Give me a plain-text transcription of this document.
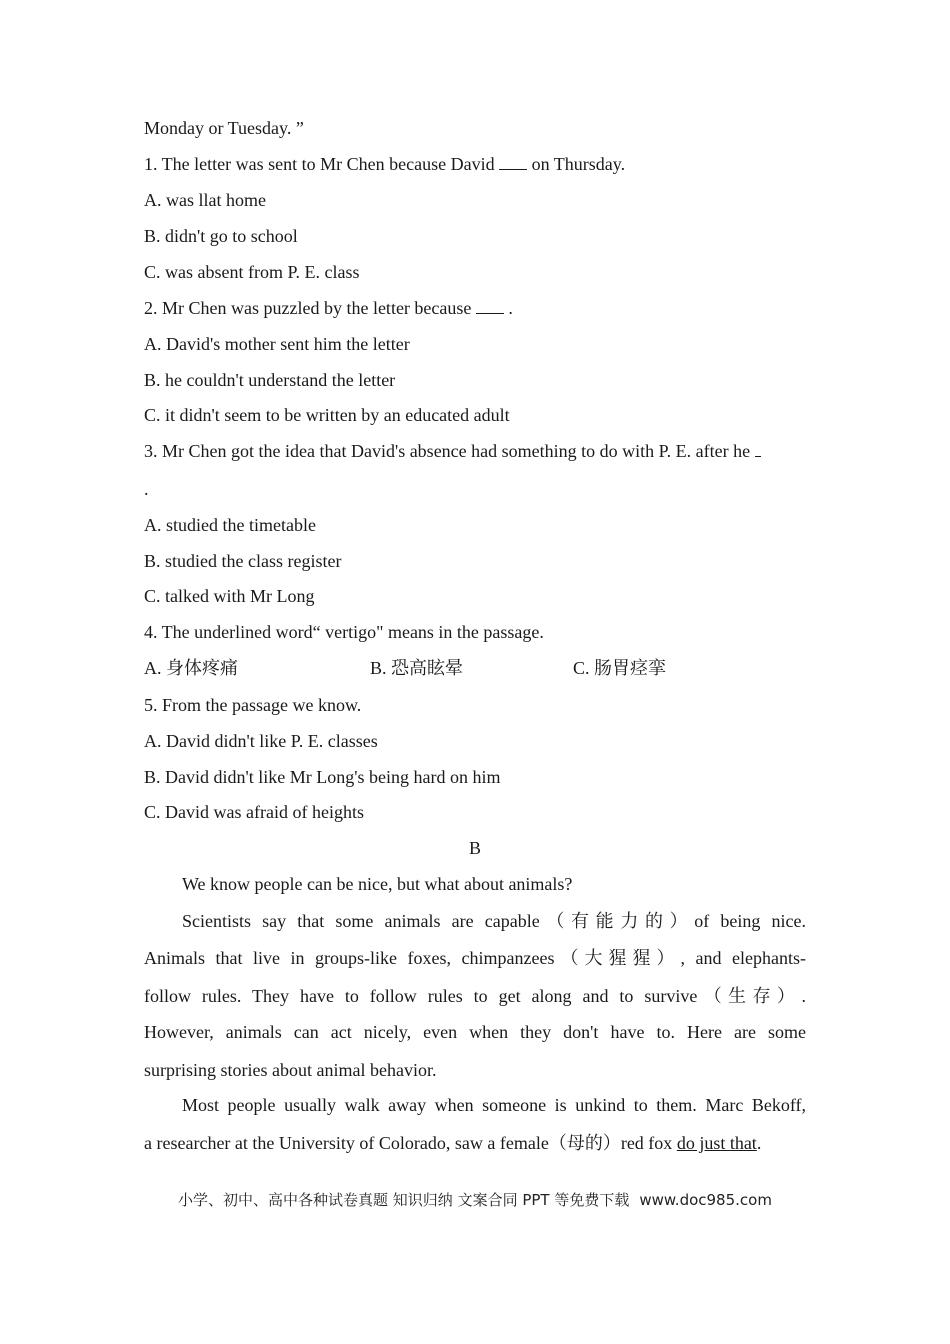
Monday or Tuesday. ”
1. The letter was sent to Mr Chen because David  on Thursday.
A. was llat home
B. didn't go to school
C. was absent from P. E. class
2. Mr Chen was puzzled by the letter because  .
A. David's mother sent him the letter
B. he couldn't understand the letter
C. it didn't seem to be written by an educated adult
3. Mr Chen got the idea that David's absence had something to do with P. E. after he
.
A. studied the timetable
B. studied the class register
C. talked with Mr Long
4. The underlined word“ vertigo" means in the passage.
A. 身体疼痛	B. 恐高眩晕	C. 肠胃痉挛
5. From the passage we know.
A. David didn't like P. E. classes
B. David didn't like Mr Long's being hard on him
C. David was afraid of heights
B
We know people can be nice, but what about animals?
Scientists say that some animals are capable（有能力的）of being nice.
Animals that live in groups-like foxes, chimpanzees（大猩猩）, and elephants-
follow rules. They have to follow rules to get along and to survive（生存）.
However, animals can act nicely, even when they don't have to. Here are some
surprising stories about animal behavior.
Most people usually walk away when someone is unkind to them. Marc Bekoff,
a researcher at the University of Colorado, saw a female（母的）red fox do just that.
小学、初中、高中各种试卷真题 知识归纳 文案合同 PPT 等免费下载 www.doc985.com
